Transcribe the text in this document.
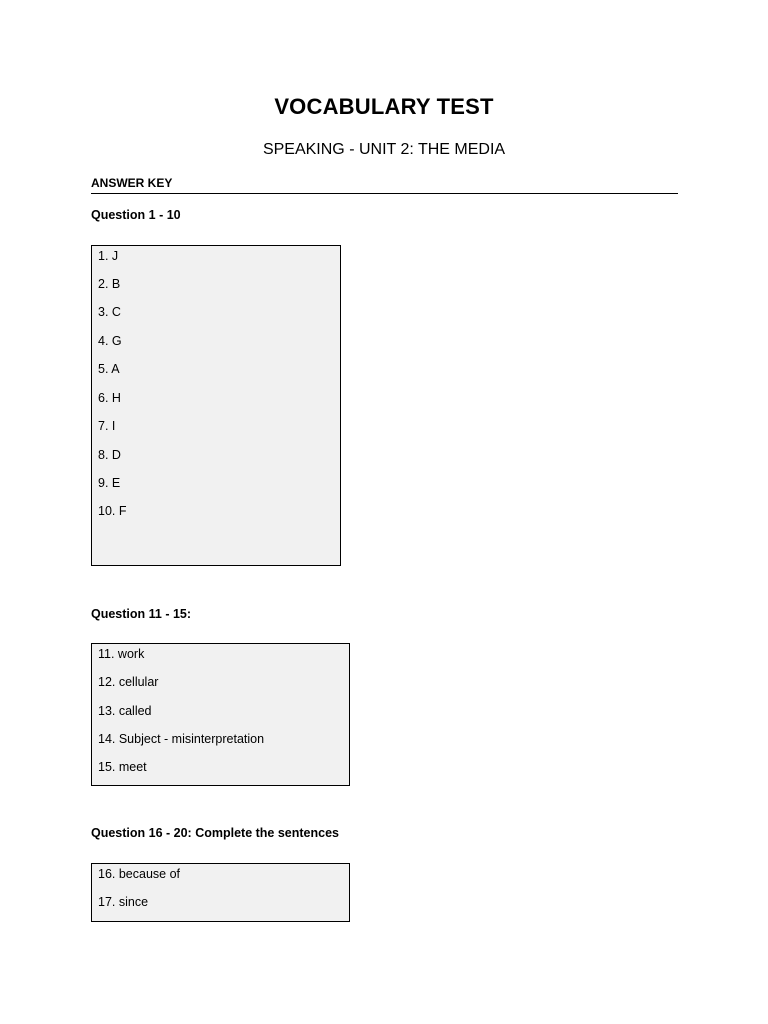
VOCABULARY TEST
SPEAKING - UNIT 2: THE MEDIA
ANSWER KEY
Question 1 - 10
1. J
2. B
3. C
4. G
5. A
6. H
7. I
8. D
9. E
10. F
Question 11 - 15:
11. work
12. cellular
13. called
14. Subject - misinterpretation
15. meet
Question 16 - 20: Complete the sentences
16. because of
17. since
